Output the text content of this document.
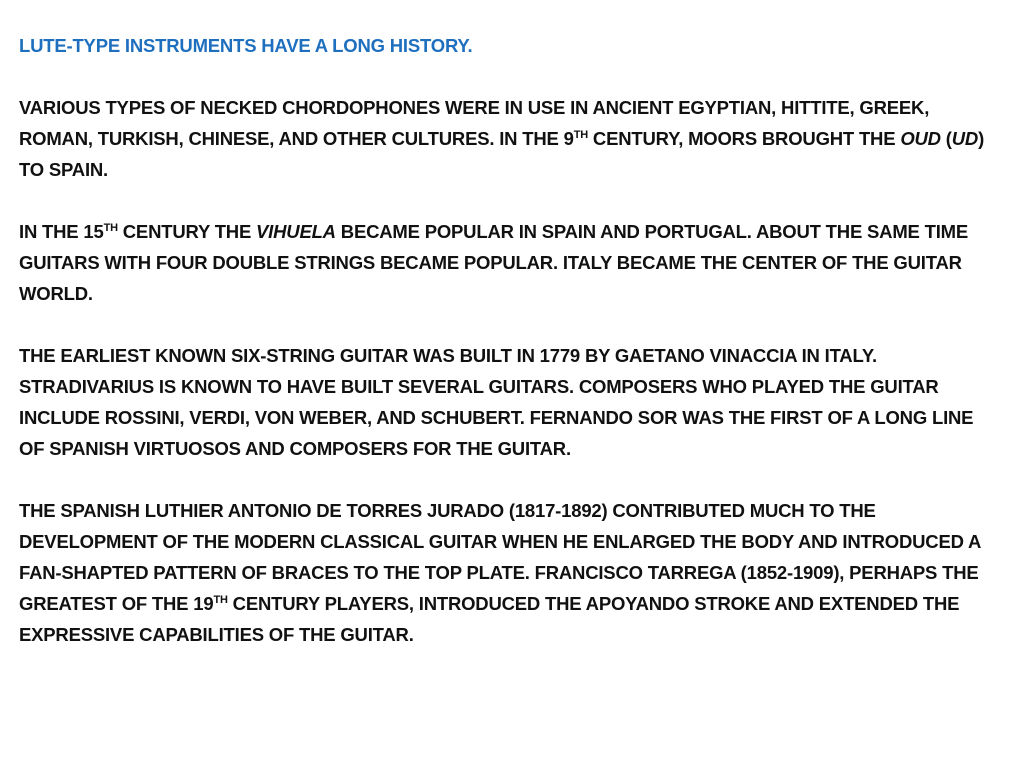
LUTE-TYPE INSTRUMENTS HAVE A LONG HISTORY.
VARIOUS TYPES OF NECKED CHORDOPHONES WERE IN USE IN ANCIENT EGYPTIAN, HITTITE, GREEK, ROMAN, TURKISH, CHINESE, AND OTHER CULTURES. IN THE 9TH CENTURY, MOORS BROUGHT THE OUD (UD) TO SPAIN.
IN THE 15TH CENTURY THE VIHUELA BECAME POPULAR IN SPAIN AND PORTUGAL. ABOUT THE SAME TIME GUITARS WITH FOUR DOUBLE STRINGS BECAME POPULAR. ITALY BECAME THE CENTER OF THE GUITAR WORLD.
THE EARLIEST KNOWN SIX-STRING GUITAR WAS BUILT IN 1779 BY GAETANO VINACCIA IN ITALY. STRADIVARIUS IS KNOWN TO HAVE BUILT SEVERAL GUITARS. COMPOSERS WHO PLAYED THE GUITAR INCLUDE ROSSINI, VERDI, VON WEBER, AND SCHUBERT. FERNANDO SOR WAS THE FIRST OF A LONG LINE OF SPANISH VIRTUOSOS AND COMPOSERS FOR THE GUITAR.
THE SPANISH LUTHIER ANTONIO DE TORRES JURADO (1817-1892) CONTRIBUTED MUCH TO THE DEVELOPMENT OF THE MODERN CLASSICAL GUITAR WHEN HE ENLARGED THE BODY AND INTRODUCED A FAN-SHAPTED PATTERN OF BRACES TO THE TOP PLATE. FRANCISCO TARREGA (1852-1909), PERHAPS THE GREATEST OF THE 19TH CENTURY PLAYERS, INTRODUCED THE APOYANDO STROKE AND EXTENDED THE EXPRESSIVE CAPABILITIES OF THE GUITAR.
